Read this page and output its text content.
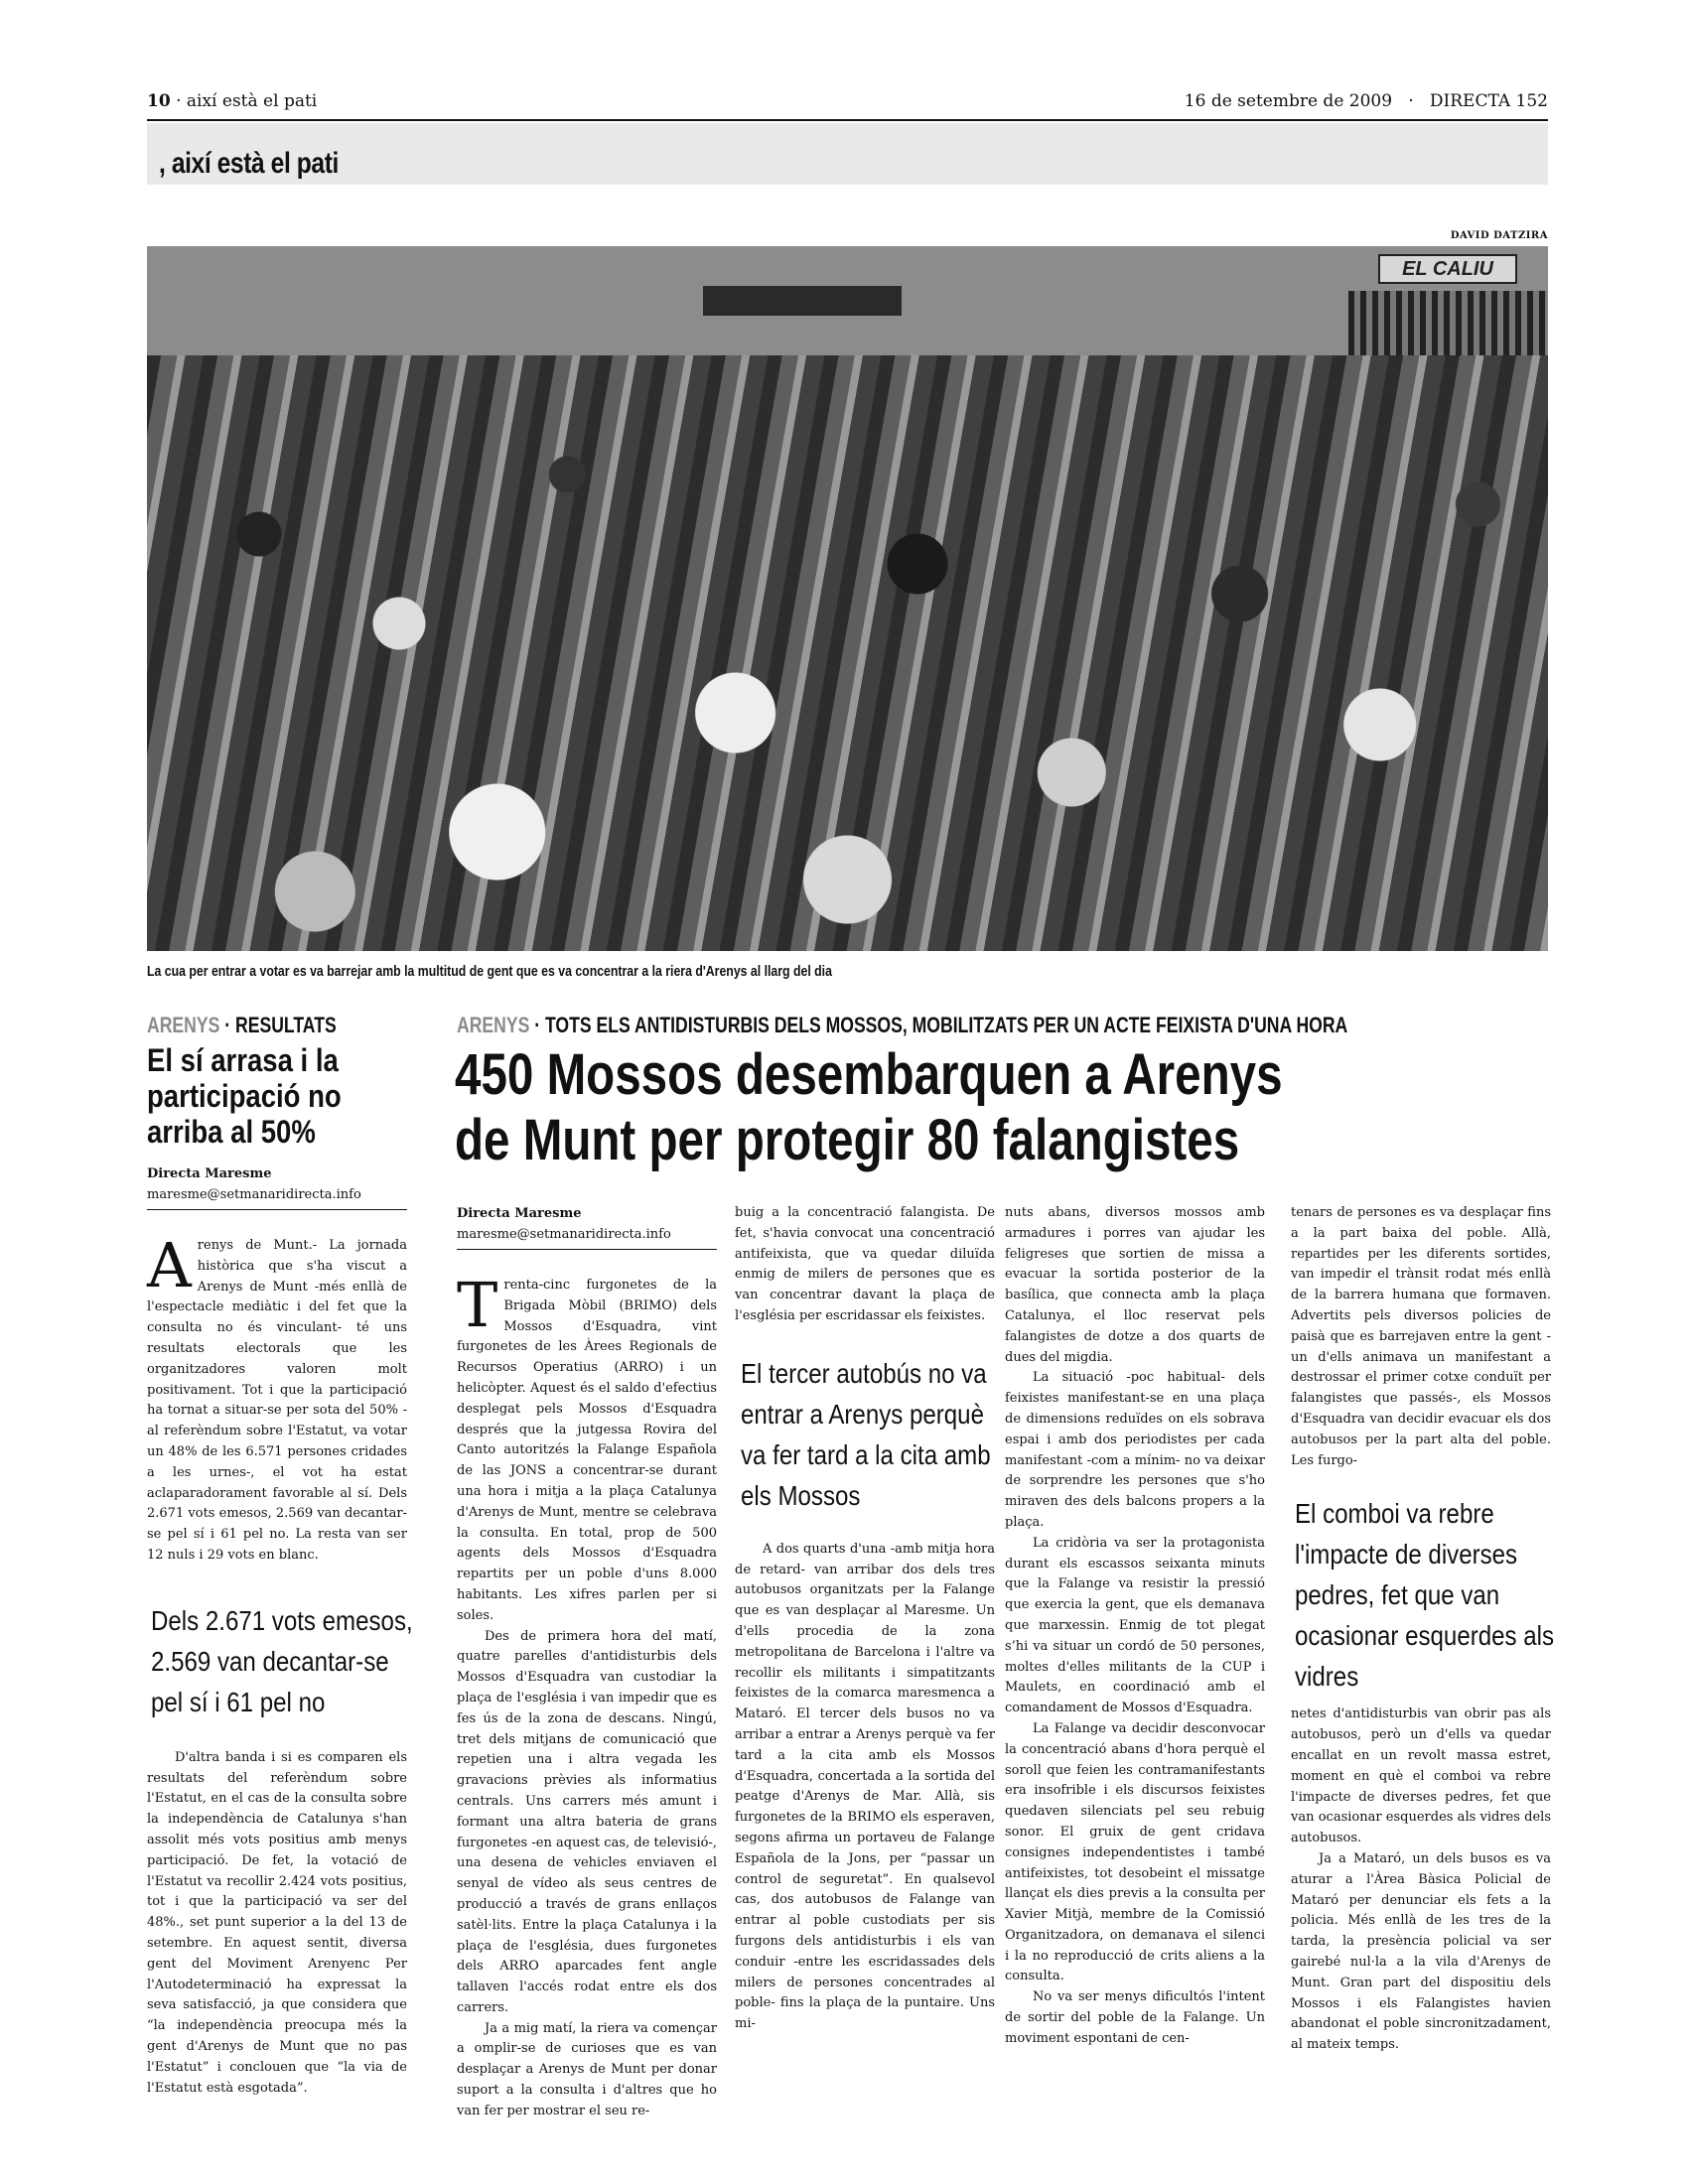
10 · així està el pati	16 de setembre de 2009 · DIRECTA 152
, així està el pati
DAVID DATZIRA
EL CALIU
La cua per entrar a votar es va barrejar amb la multitud de gent que es va concentrar a la riera d'Arenys al llarg del dia
ARENYS · RESULTATS
El sí arrasa i la participació no arriba al 50%
Directa Maresme
maresme@setmanaridirecta.info

Arenys de Munt.- La jornada històrica que s'ha viscut a Arenys de Munt -més enllà de l'espectacle mediàtic i del fet que la consulta no és vinculant- té uns resultats electorals que les organitzadores valoren molt positivament. Tot i que la participació ha tornat a situar-se per sota del 50% -al referèndum sobre l'Estatut, va votar un 48% de les 6.571 persones cridades a les urnes-, el vot ha estat aclaparadorament favorable al sí. Dels 2.671 vots emesos, 2.569 van decantar-se pel sí i 61 pel no. La resta van ser 12 nuls i 29 vots en blanc.

Dels 2.671 vots emesos, 2.569 van decantar-se pel sí i 61 pel no

D'altra banda i si es comparen els resultats del referèndum sobre l'Estatut, en el cas de la consulta sobre la independència de Catalunya s'han assolit més vots positius amb menys participació. De fet, la votació de l'Estatut va recollir 2.424 vots positius, tot i que la participació va ser del 48%., set punt superior a la del 13 de setembre. En aquest sentit, diversa gent del Moviment Arenyenc Per l'Autodeterminació ha expressat la seva satisfacció, ja que considera que “la independència preocupa més la gent d'Arenys de Munt que no pas l'Estatut” i conclouen que “la via de l'Estatut està esgotada”.

ARENYS · TOTS ELS ANTIDISTURBIS DELS MOSSOS, MOBILITZATS PER UN ACTE FEIXISTA D'UNA HORA
450 Mossos desembarquen a Arenys
de Munt per protegir 80 falangistes
Directa Maresme
maresme@setmanaridirecta.info

Trenta-cinc furgonetes de la Brigada Mòbil (BRIMO) dels Mossos d'Esquadra, vint furgonetes de les Àrees Regionals de Recursos Operatius (ARRO) i un helicòpter. Aquest és el saldo d'efectius desplegat pels Mossos d'Esquadra després que la jutgessa Rovira del Canto autoritzés la Falange Española de las JONS a concentrar-se durant una hora i mitja a la plaça Catalunya d'Arenys de Munt, mentre se celebrava la consulta. En total, prop de 500 agents dels Mossos d'Esquadra repartits per un poble d'uns 8.000 habitants. Les xifres parlen per si soles.

Des de primera hora del matí, quatre parelles d'antidisturbis dels Mossos d'Esquadra van custodiar la plaça de l'església i van impedir que es fes ús de la zona de descans. Ningú, tret dels mitjans de comunicació que repetien una i altra vegada les gravacions prèvies als informatius centrals. Uns carrers més amunt i formant una altra bateria de grans furgonetes -en aquest cas, de televisió-, una desena de vehicles enviaven el senyal de vídeo als seus centres de producció a través de grans enllaços satèl·lits. Entre la plaça Catalunya i la plaça de l'església, dues furgonetes dels ARRO aparcades fent angle tallaven l'accés rodat entre els dos carrers.

Ja a mig matí, la riera va començar a omplir-se de curioses que es van desplaçar a Arenys de Munt per donar suport a la consulta i d'altres que ho van fer per mostrar el seu re-

buig a la concentració falangista. De fet, s'havia convocat una concentració antifeixista, que va quedar diluïda enmig de milers de persones que es van concentrar davant la plaça de l'església per escridassar els feixistes.

El tercer autobús no va entrar a Arenys perquè va fer tard a la cita amb els Mossos

A dos quarts d'una -amb mitja hora de retard- van arribar dos dels tres autobusos organitzats per la Falange que es van desplaçar al Maresme. Un d'ells procedia de la zona metropolitana de Barcelona i l'altre va recollir els militants i simpatitzants feixistes de la comarca maresmenca a Mataró. El tercer dels busos no va arribar a entrar a Arenys perquè va fer tard a la cita amb els Mossos d'Esquadra, concertada a la sortida del peatge d'Arenys de Mar. Allà, sis furgonetes de la BRIMO els esperaven, segons afirma un portaveu de Falange Española de la Jons, per “passar un control de seguretat”. En qualsevol cas, dos autobusos de Falange van entrar al poble custodiats per sis furgons dels antidisturbis i els van conduir -entre les escridassades dels milers de persones concentrades al poble- fins la plaça de la puntaire. Uns mi-

nuts abans, diversos mossos amb armadures i porres van ajudar les feligreses que sortien de missa a evacuar la sortida posterior de la basílica, que connecta amb la plaça Catalunya, el lloc reservat pels falangistes de dotze a dos quarts de dues del migdia.

La situació -poc habitual- dels feixistes manifestant-se en una plaça de dimensions reduïdes on els sobrava espai i amb dos periodistes per cada manifestant -com a mínim- no va deixar de sorprendre les persones que s'ho miraven des dels balcons propers a la plaça.

La cridòria va ser la protagonista durant els escassos seixanta minuts que la Falange va resistir la pressió que exercia la gent, que els demanava que marxessin. Enmig de tot plegat s’hi va situar un cordó de 50 persones, moltes d'elles militants de la CUP i Maulets, en coordinació amb el comandament de Mossos d'Esquadra.

La Falange va decidir desconvocar la concentració abans d'hora perquè el soroll que feien les contramanifestants era insofrible i els discursos feixistes quedaven silenciats pel seu rebuig sonor. El gruix de gent cridava consignes independentistes i també antifeixistes, tot desobeint el missatge llançat els dies previs a la consulta per Xavier Mitjà, membre de la Comissió Organitzadora, on demanava el silenci i la no reproducció de crits aliens a la consulta.

No va ser menys dificultós l'intent de sortir del poble de la Falange. Un moviment espontani de cen-

tenars de persones es va desplaçar fins a la part baixa del poble. Allà, repartides per les diferents sortides, van impedir el trànsit rodat més enllà de la barrera humana que formaven. Advertits pels diversos policies de paisà que es barrejaven entre la gent -un d'ells animava un manifestant a destrossar el primer cotxe conduït per falangistes que passés-, els Mossos d'Esquadra van decidir evacuar els dos autobusos per la part alta del poble. Les furgo-

El comboi va rebre l'impacte de diverses pedres, fet que van ocasionar esquerdes als vidres

netes d'antidisturbis van obrir pas als autobusos, però un d'ells va quedar encallat en un revolt massa estret, moment en què el comboi va rebre l'impacte de diverses pedres, fet que van ocasionar esquerdes als vidres dels autobusos.

Ja a Mataró, un dels busos es va aturar a l'Àrea Bàsica Policial de Mataró per denunciar els fets a la policia. Més enllà de les tres de la tarda, la presència policial va ser gairebé nul·la a la vila d'Arenys de Munt. Gran part del dispositiu dels Mossos i els Falangistes havien abandonat el poble sincronitzadament, al mateix temps.
